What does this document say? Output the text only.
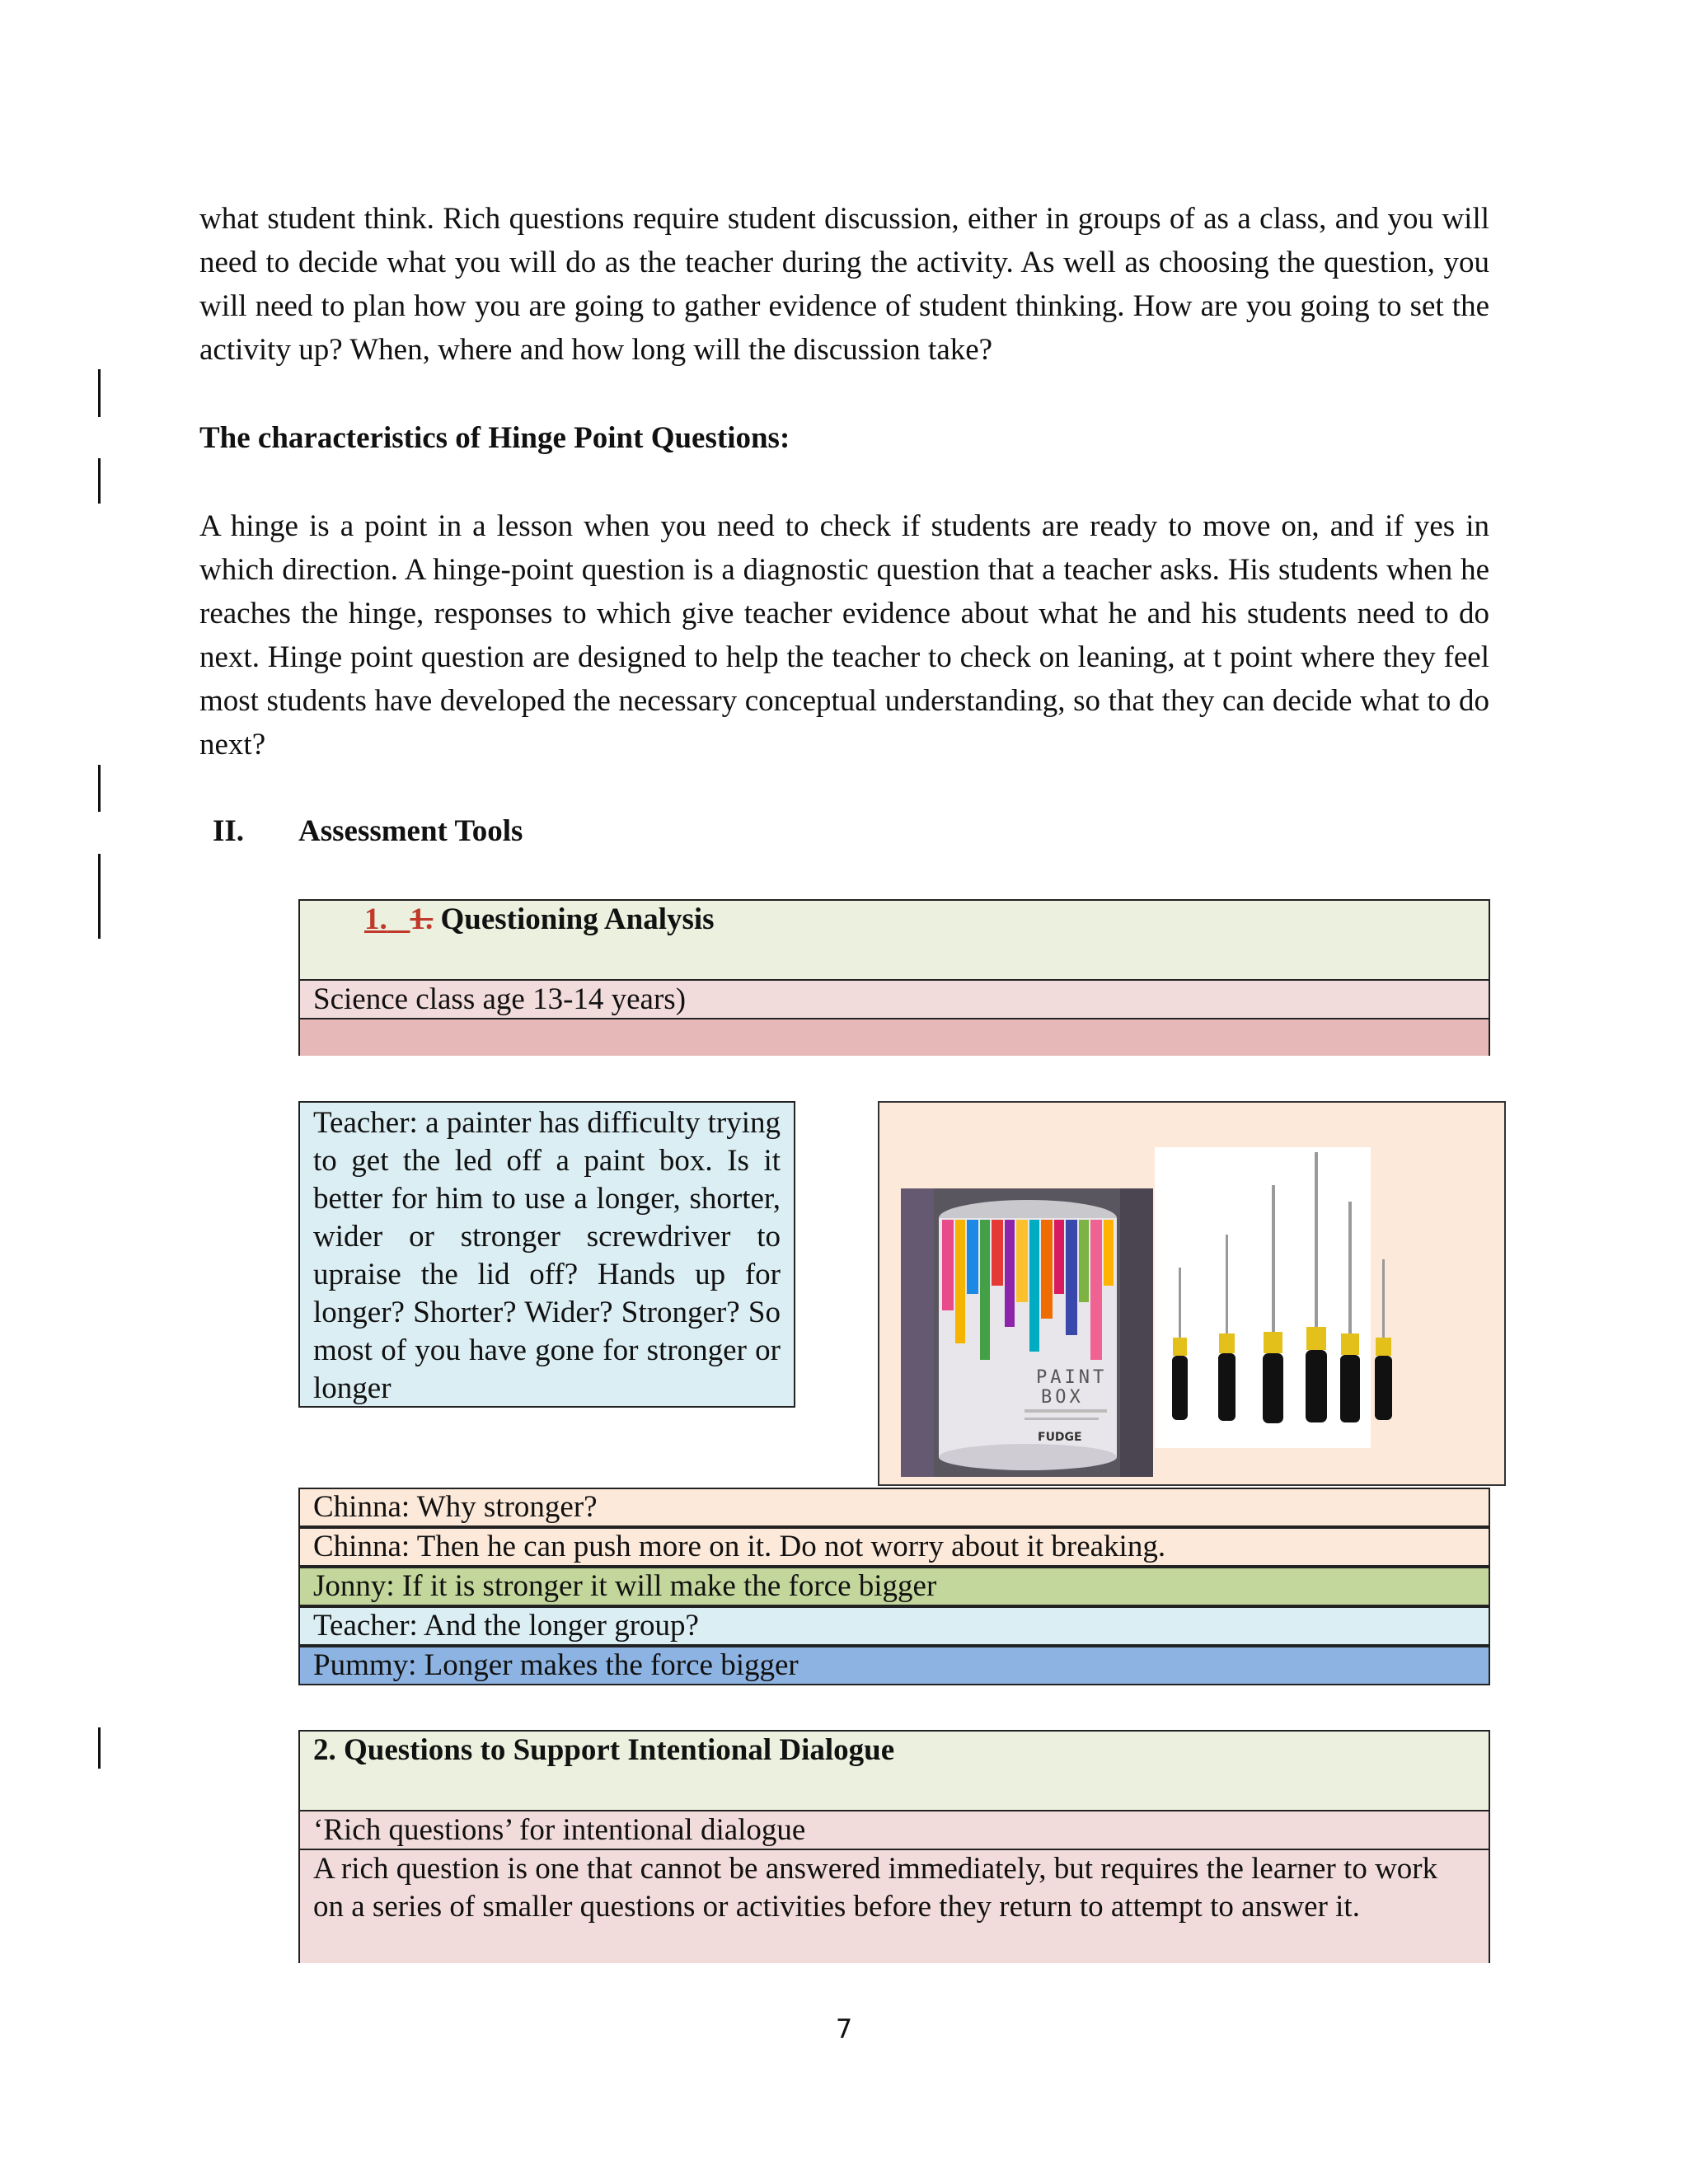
what student think. Rich questions require student discussion, either in groups of as a class, and you will need to decide what you will do as the teacher during the activity. As well as choosing the question, you will need to plan how you are going to gather evidence of student thinking. How are you going to set the activity up? When, where and how long will the discussion take?

The characteristics of Hinge Point Questions:

A hinge is a point in a lesson when you need to check if students are ready to move on, and if yes in which direction. A hinge-point question is a diagnostic question that a teacher asks. His students when he reaches the hinge, responses to which give teacher evidence about what he and his students need to do next. Hinge point question are designed to help the teacher to check on leaning, at t point where they feel most students have developed the necessary conceptual understanding, so that they can decide what to do next?

II. Assessment Tools
1. 1. Questioning Analysis
Science class age 13-14 years)
Teacher: a painter has difficulty trying to get the led off a paint box. Is it better for him to use a longer, shorter, wider or stronger screwdriver to upraise the lid off? Hands up for longer? Shorter? Wider? Stronger? So most of you have gone for stronger or longer	PAINT
BOX
FUDGE
Chinna: Why stronger?
Chinna: Then he can push more on it. Do not worry about it breaking.
Jonny: If it is stronger it will make the force bigger
Teacher: And the longer group?
Pummy: Longer makes the force bigger
2. Questions to Support Intentional Dialogue
‘Rich questions’ for intentional dialogue
A rich question is one that cannot be answered immediately, but requires the learner to work on a series of smaller questions or activities before they return to attempt to answer it.
7
